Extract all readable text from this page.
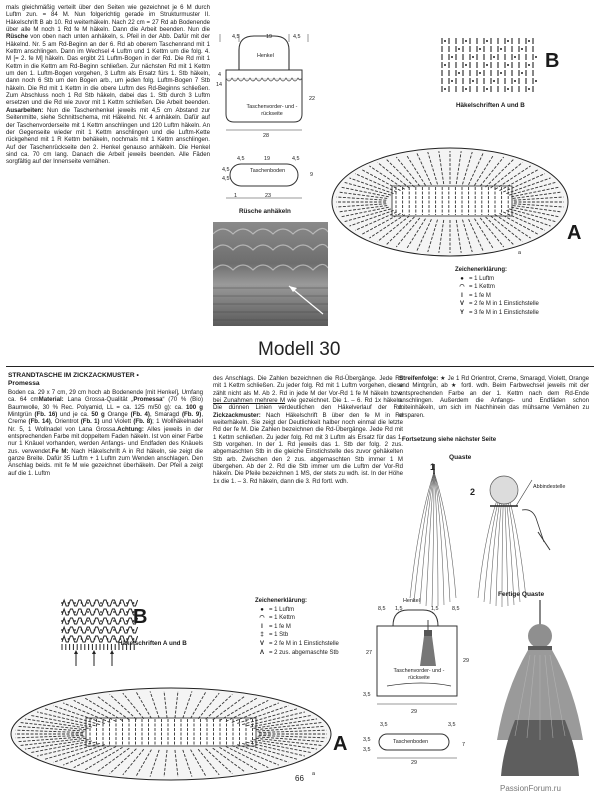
mals gleichmäßig verteilt über den Seiten wie gezeichnet je 6 M durch Luftm zun. = 84 M. Nun folgerichtig gerade im Strukturmuster II. Häkelschrift B ab 10. Rd weiterhäkeln. Nach 22 cm = 27 Rd ab Bodenende über alle M noch 1 Rd fe M häkeln. Dann die Arbeit beenden. Nun die Rüsche von oben nach unten anhäkeln, s. Pfeil in der Abb. Dafür mit der Häkelnd. Nr. 5 am Rd-Beginn an der 6. Rd ab oberem Taschenrand mit 1 Kettm anschlingen. Dann im Wechsel 4 Luftm und 1 Kettm um die folg. 4. M [= 2. fe M] häkeln. Das ergibt 21 Luftm-Bogen in der Rd. Die Rd mit 1 Kettm in die Kettm am Rd-Beginn schließen. Zur nächsten Rd mit 1 Kettm um den 1. Luftm-Bogen vorgehen, 3 Luftm als Ersatz fürs 1. Stb häkeln, dann noch 6 Stb um den Bogen arb., um jeden folg. Luftm-Bogen 7 Stb häkeln. Die Rd mit 1 Kettm in die obere Luftm des Rd-Beginns schließen. Zum Abschluss noch 1 Rd Stb häkeln, dabei das 1. Stb durch 3 Luftm ersetzen und die Rd wie zuvor mit 1 Kettm schließen. Die Arbeit beenden. Ausarbeiten: Nun die Taschenhenkel jeweils mit 4,5 cm Abstand zur Seitenmitte, siehe Schnittschema, mit Häkelnd. Nr. 4 anhäkeln. Dafür auf der Taschenvorderseite mit 1 Kettm anschlingen und 120 Luftm häkeln. An der Gegenseite wieder mit 1 Kettm anschlingen und die Luftm-Kette rückgehend mit 1 R Kettm behäkeln, nochmals mit 1 Kettm anschlingen. Auf der Taschenrückseite den 2. Henkel genauso anhäkeln. Die Henkel sind ca. 70 cm lang. Danach die Arbeit jeweils beenden. Alle Fäden sorgfältig auf der Innenseite vernähen.
4,5	19	4,5
Henkel
4
14
22
Taschenvorder- und -rückseite
28
4,5	19	4,5
4,5
4,5
Taschenboden
9
23
1
Rüsche anhäkeln
B
Häkelschriften A und B
A
a
Zeichenerklärung:
● = 1 Luftm
◠ = 1 Kettm
I	= 1 fe M
V = 2 fe M in 1 Einstichstelle
Y = 3 fe M in 1 Einstichstelle
Modell 30
STRANDTASCHE IM ZICKZACKMUSTER •
Promessa
Boden ca. 29 x 7 cm, 29 cm hoch ab Bodenende [mit Henkel], Umfang ca. 64 cmMaterial: Lana Grossa-Qualität „Promessa“ (70 % (Bio) Baumwolle, 30 % Rec. Polyamid, LL = ca. 125 m/50 g): ca. 100 g Mintgrün (Fb. 16) und je ca. 50 g Orange (Fb. 4), Smaragd (Fb. 9), Creme (Fb. 14), Orientrot (Fb. 1) und Violett (Fb. 8); 1 Wollhäkelnadel Nr. 5, 1 Wollnadel von Lana Grossa.Achtung: Alles jeweils in der entsprechenden Farbe mit doppeltem Faden häkeln. Ist von einer Farbe nur 1 Knäuel vorhanden, werden Anfangs- und Endfaden des Knäuels zus. verwendet.Fe M: Nach Häkelschrift A in Rd häkeln, sie zeigt die ganze Breite. Dafür 35 Luftm + 1 Luftm zum Wenden anschlagen. Den Anschlag beids. mit fe M wie gezeichnet überhäkeln. Der Pfeil a zeigt auf die 1. Luftm
des Anschlags. Die Zahlen bezeichnen die Rd-Übergänge. Jede Rd mit 1 Kettm schließen. Zu jeder folg. Rd mit 1 Luftm vorgehen, diese zählt nicht als M. Ab 2. Rd in jede M der Vor-Rd 1 fe M häkeln bzw. bei Zunahmen mehrere M wie gezeichnet. Die 1. – 6. Rd 1x häkeln. Die dünnen Linien verdeutlichen den Häkelverlauf der Rd. Zickzackmuster: Nach Häkelschrift B über den fe M in Rd weiterhäkeln. Sie zeigt der Deutlichkeit halber noch einmal die letzte Rd der fe M. Die Zahlen bezeichnen die Rd-Übergänge. Jede Rd mit 1 Kettm schließen. Zu jeder folg. Rd mit 3 Luftm als Ersatz für das 1. Stb vorgehen. In der 1. Rd jeweils das 1. Stb der folg. 2 zus. abgemaschten Stb in die gleiche Einstichstelle des zuvor gehäkelten Stb arb. Zwischen den 2 zus. abgemaschten Stb immer 1 M übergehen. Ab der 2. Rd die Stb immer um die Luftm der Vor-Rd häkeln. Die Pfeile bezeichnen 1 MS, der stets zu wdh. ist. In der Höhe 1x die 1. – 3. Rd häkeln, dann die 3. Rd fortl. wdh.
Streifenfolge: ★ Je 1 Rd Orientrot, Creme, Smaragd, Violett, Orange und Mintgrün, ab ★ fortl. wdh. Beim Farbwechsel jeweils mit der entsprechenden Farbe an der 1. Kettm nach dem Rd-Ende anschlingen. Außerdem die Anfangs- und Endfäden schon miteinhäkeln, um sich im Nachhinein das mühsame Vernähen zu ersparen.
Fortsetzung siehe nächster Seite
Quaste
1
2	Abbindestelle
Fertige Quaste
B
Häkelschriften A und B
A
a
Zeichenerklärung:
● = 1 Luftm
◠ = 1 Kettm
I	= 1 fe M
‡ = 1 Stb
V = 2 fe M in 1 Einstichstelle
Λ = 2 zus. abgemaschte Stb
Henkel
8,5 1,5	1,5	8,5
27
29
Taschenvorder- und -rückseite
3,5
3,5
3,5
29
3,5	3,5
Taschenboden	7
29
66
PassionForum.ru
